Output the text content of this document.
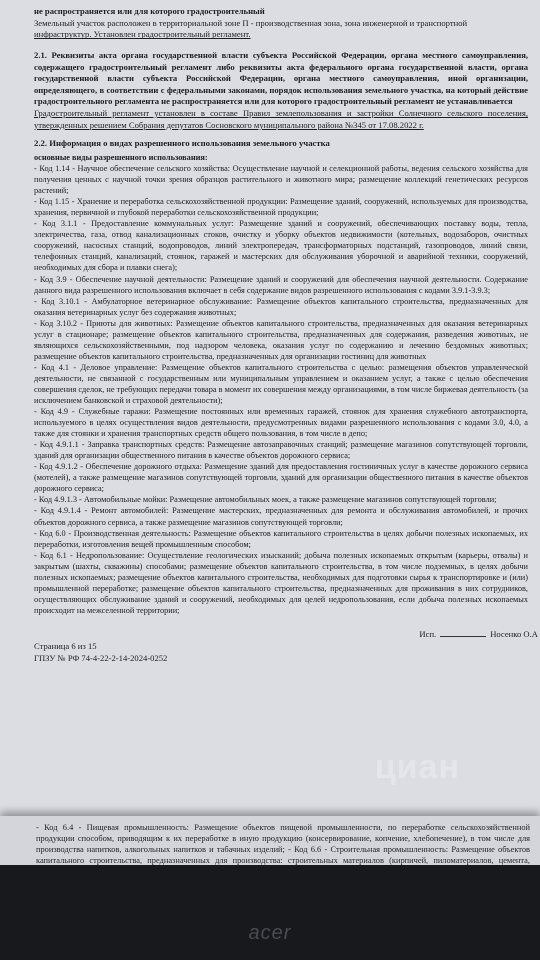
не распространяется или для которого градостроительный
Земельный участок расположен в территориальной зоне П - производственная зона, зона инженерной и транспортной
инфраструктур. Установлен градостроительный регламент.
2.1. Реквизиты акта органа государственной власти субъекта Российской Федерации, органа местного самоуправления, содержащего градостроительный регламент либо реквизиты акта федерального органа государственной власти, органа государственной власти субъекта Российской Федерации, органа местного самоуправления, иной организации, определяющего, в соответствии с федеральными законами, порядок использования земельного участка, на который действие градостроительного регламента не распространяется или для которого градостроительный регламент не устанавливается
Градостроительный регламент установлен в составе Правил землепользования и застройки Солнечного сельского поселения, утвержденных решением Собрания депутатов Сосновского муниципального района №345 от 17.08.2022 г.
2.2. Информация о видах разрешенного использования земельного участка
основные виды разрешенного использования:
- Код 1.14 - Научное обеспечение сельского хозяйства: Осуществление научной и селекционной работы, ведения сельского хозяйства для получения ценных с научной точки зрения образцов растительного и животного мира; размещение коллекций генетических ресурсов растений;
- Код 1.15 - Хранение и переработка сельскохозяйственной продукции: Размещение зданий, сооружений, используемых для производства, хранения, первичной и глубокой переработки сельскохозяйственной продукции;
- Код 3.1.1 - Предоставление коммунальных услуг: Размещение зданий и сооружений, обеспечивающих поставку воды, тепла, электричества, газа, отвод канализационных стоков, очистку и уборку объектов недвижимости (котельных, водозаборов, очистных сооружений, насосных станций, водопроводов, линий электропередач, трансформаторных подстанций, газопроводов, линий связи, телефонных станций, канализаций, стоянок, гаражей и мастерских для обслуживания уборочной и аварийной техники, сооружений, необходимых для сбора и плавки снега);
- Код 3.9 - Обеспечение научной деятельности: Размещение зданий и сооружений для обеспечения научной деятельности. Содержание данного вида разрешенного использования включает в себя содержание видов разрешенного использования с кодами 3.9.1-3.9.3;
- Код 3.10.1 - Амбулаторное ветеринарное обслуживание: Размещение объектов капитального строительства, предназначенных для оказания ветеринарных услуг без содержания животных;
- Код 3.10.2 - Приюты для животных: Размещение объектов капитального строительства, предназначенных для оказания ветеринарных услуг в стационаре; размещение объектов капитального строительства, предназначенных для содержания, разведения животных, не являющихся сельскохозяйственными, под надзором человека, оказания услуг по содержанию и лечению бездомных животных; размещение объектов капитального строительства, предназначенных для организации гостиниц для животных
- Код 4.1 - Деловое управление: Размещение объектов капитального строительства с целью: размещения объектов управленческой деятельности, не связанной с государственным или муниципальным управлением и оказанием услуг, а также с целью обеспечения совершения сделок, не требующих передачи товара в момент их совершения между организациями, в том числе биржевая деятельность (за исключением банковской и страховой деятельности);
- Код 4.9 - Служебные гаражи: Размещение постоянных или временных гаражей, стоянок для хранения служебного автотранспорта, используемого в целях осуществления видов деятельности, предусмотренных видами разрешенного использования с кодами 3.0, 4.0, а также для стоянки и хранения транспортных средств общего пользования, в том числе в депо;
- Код 4.9.1.1 - Заправка транспортных средств: Размещение автозаправочных станций; размещение магазинов сопутствующей торговли, зданий для организации общественного питания в качестве объектов дорожного сервиса;
- Код 4.9.1.2 - Обеспечение дорожного отдыха: Размещение зданий для предоставления гостиничных услуг в качестве дорожного сервиса (мотелей), а также размещение магазинов сопутствующей торговли, зданий для организации общественного питания в качестве объектов дорожного сервиса;
- Код 4.9.1.3 - Автомобильные мойки: Размещение автомобильных моек, а также размещение магазинов сопутствующей торговли;
- Код 4.9.1.4 - Ремонт автомобилей: Размещение мастерских, предназначенных для ремонта и обслуживания автомобилей, и прочих объектов дорожного сервиса, а также размещение магазинов сопутствующей торговли;
- Код 6.0 - Производственная деятельность: Размещение объектов капитального строительства в целях добычи полезных ископаемых, их переработки, изготовления вещей промышленным способом;
- Код 6.1 - Недропользование: Осуществление геологических изысканий; добыча полезных ископаемых открытым (карьеры, отвалы) и закрытым (шахты, скважины) способами; размещение объектов капитального строительства, в том числе подземных, в целях добычи полезных ископаемых; размещение объектов капитального строительства, необходимых для подготовки сырья к транспортировке и (или) промышленной переработке; размещение объектов капитального строительства, предназначенных для проживания в них сотрудников, осуществляющих обслуживание зданий и сооружений, необходимых для целей недропользования, если добыча полезных ископаемых происходит на межселенной территории;
Исп.	Носенко О.А
Страница 6 из 15
ГПЗУ № РФ 74-4-22-2-14-2024-0252
циан
- Код 6.4 - Пищевая промышленность: Размещение объектов пищевой промышленности, по переработке сельскохозяйственной продукции способом, приводящим к их переработке в иную продукцию (консервирование, копчение, хлебопечение), в том числе для производства напитков, алкогольных напитков и табачных изделий; - Код 6.6 - Строительная промышленность: Размещение объектов капитального строительства, предназначенных для производства: строительных материалов (кирпичей, пиломатериалов, цемента,
acer
